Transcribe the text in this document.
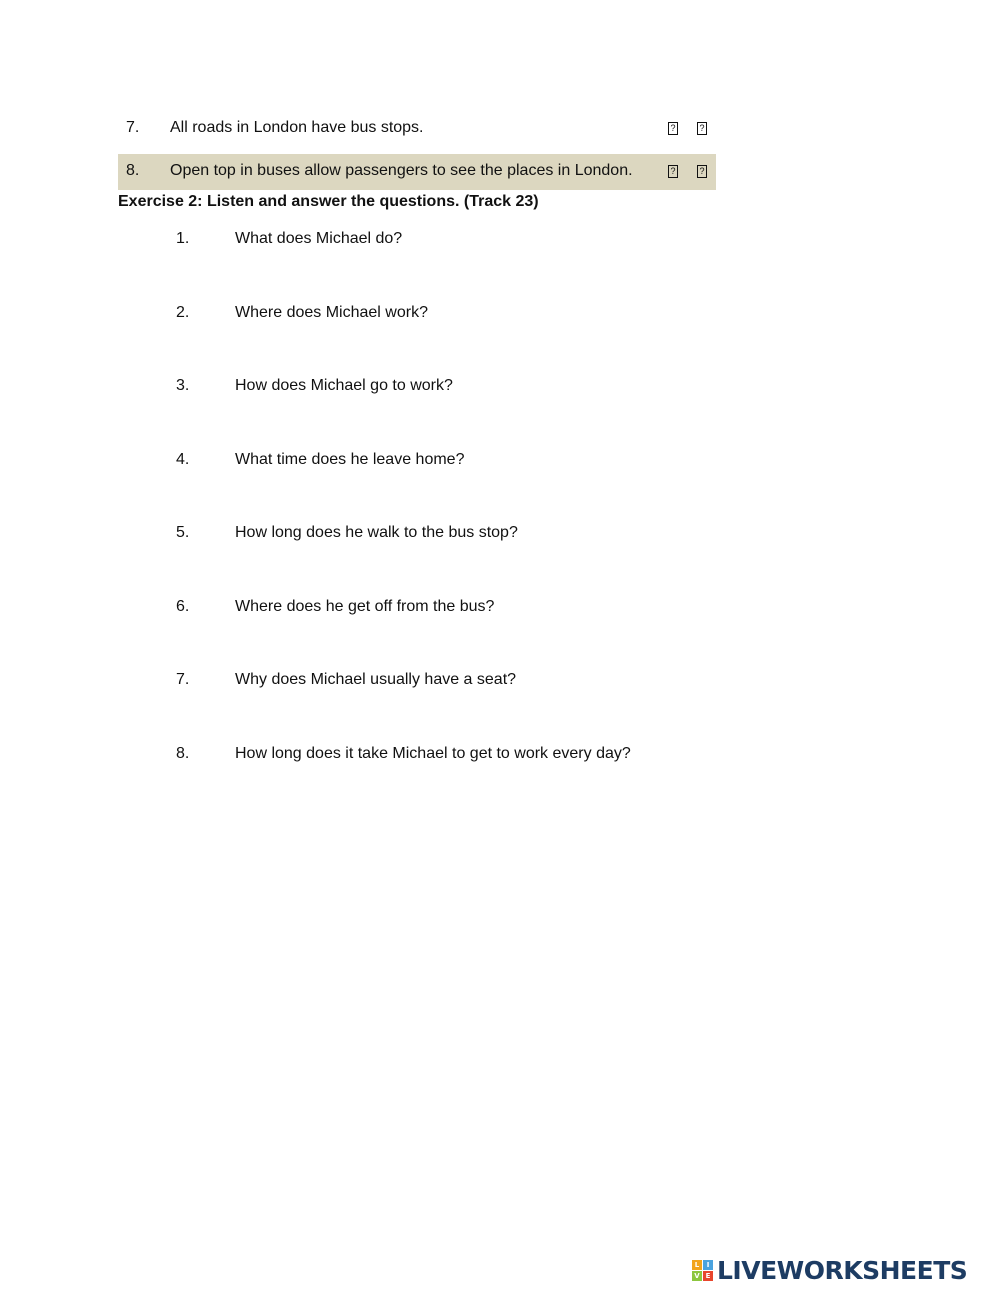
7. All roads in London have bus stops.	?	?
8. Open top in buses allow passengers to see the places in London.	?	?
Exercise 2: Listen and answer the questions. (Track 23)
1.	What does Michael do?
2.	Where does Michael work?
3.	How does Michael go to work?
4.	What time does he leave home?
5.	How long does he walk to the bus stop?
6.	Where does he get off from the bus?
7.	Why does Michael usually have a seat?
8.	How long does it take Michael to get to work every day?
L	I
V E LIVEWORKSHEETS
